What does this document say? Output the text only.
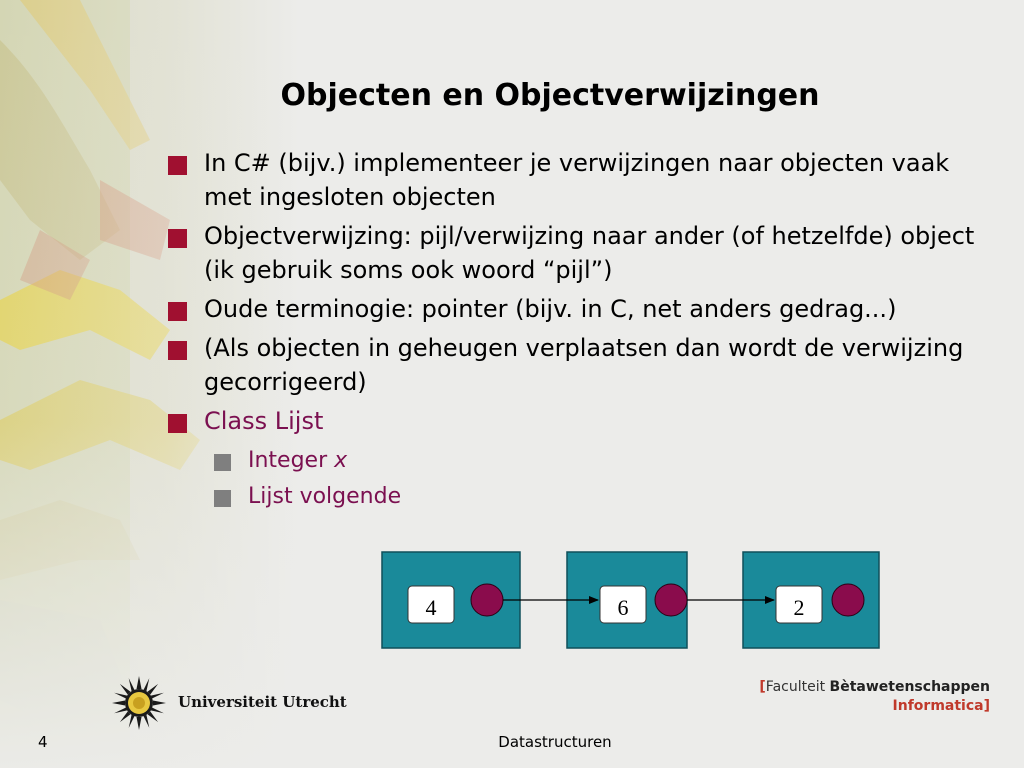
Objecten en Objectverwijzingen
In C# (bijv.) implementeer je verwijzingen naar objecten vaak met ingesloten objecten
Objectverwijzing: pijl/verwijzing naar ander (of hetzelfde) object (ik gebruik soms ook woord “pijl”)
Oude terminogie: pointer (bijv. in C, net anders gedrag...)
(Als objecten in geheugen verplaatsen dan wordt de verwijzing gecorrigeerd)
Class Lijst
Integer x
Lijst volgende
4	6	2
Universiteit Utrecht
[Faculteit Bètawetenschappen
Informatica]
4	Datastructuren
